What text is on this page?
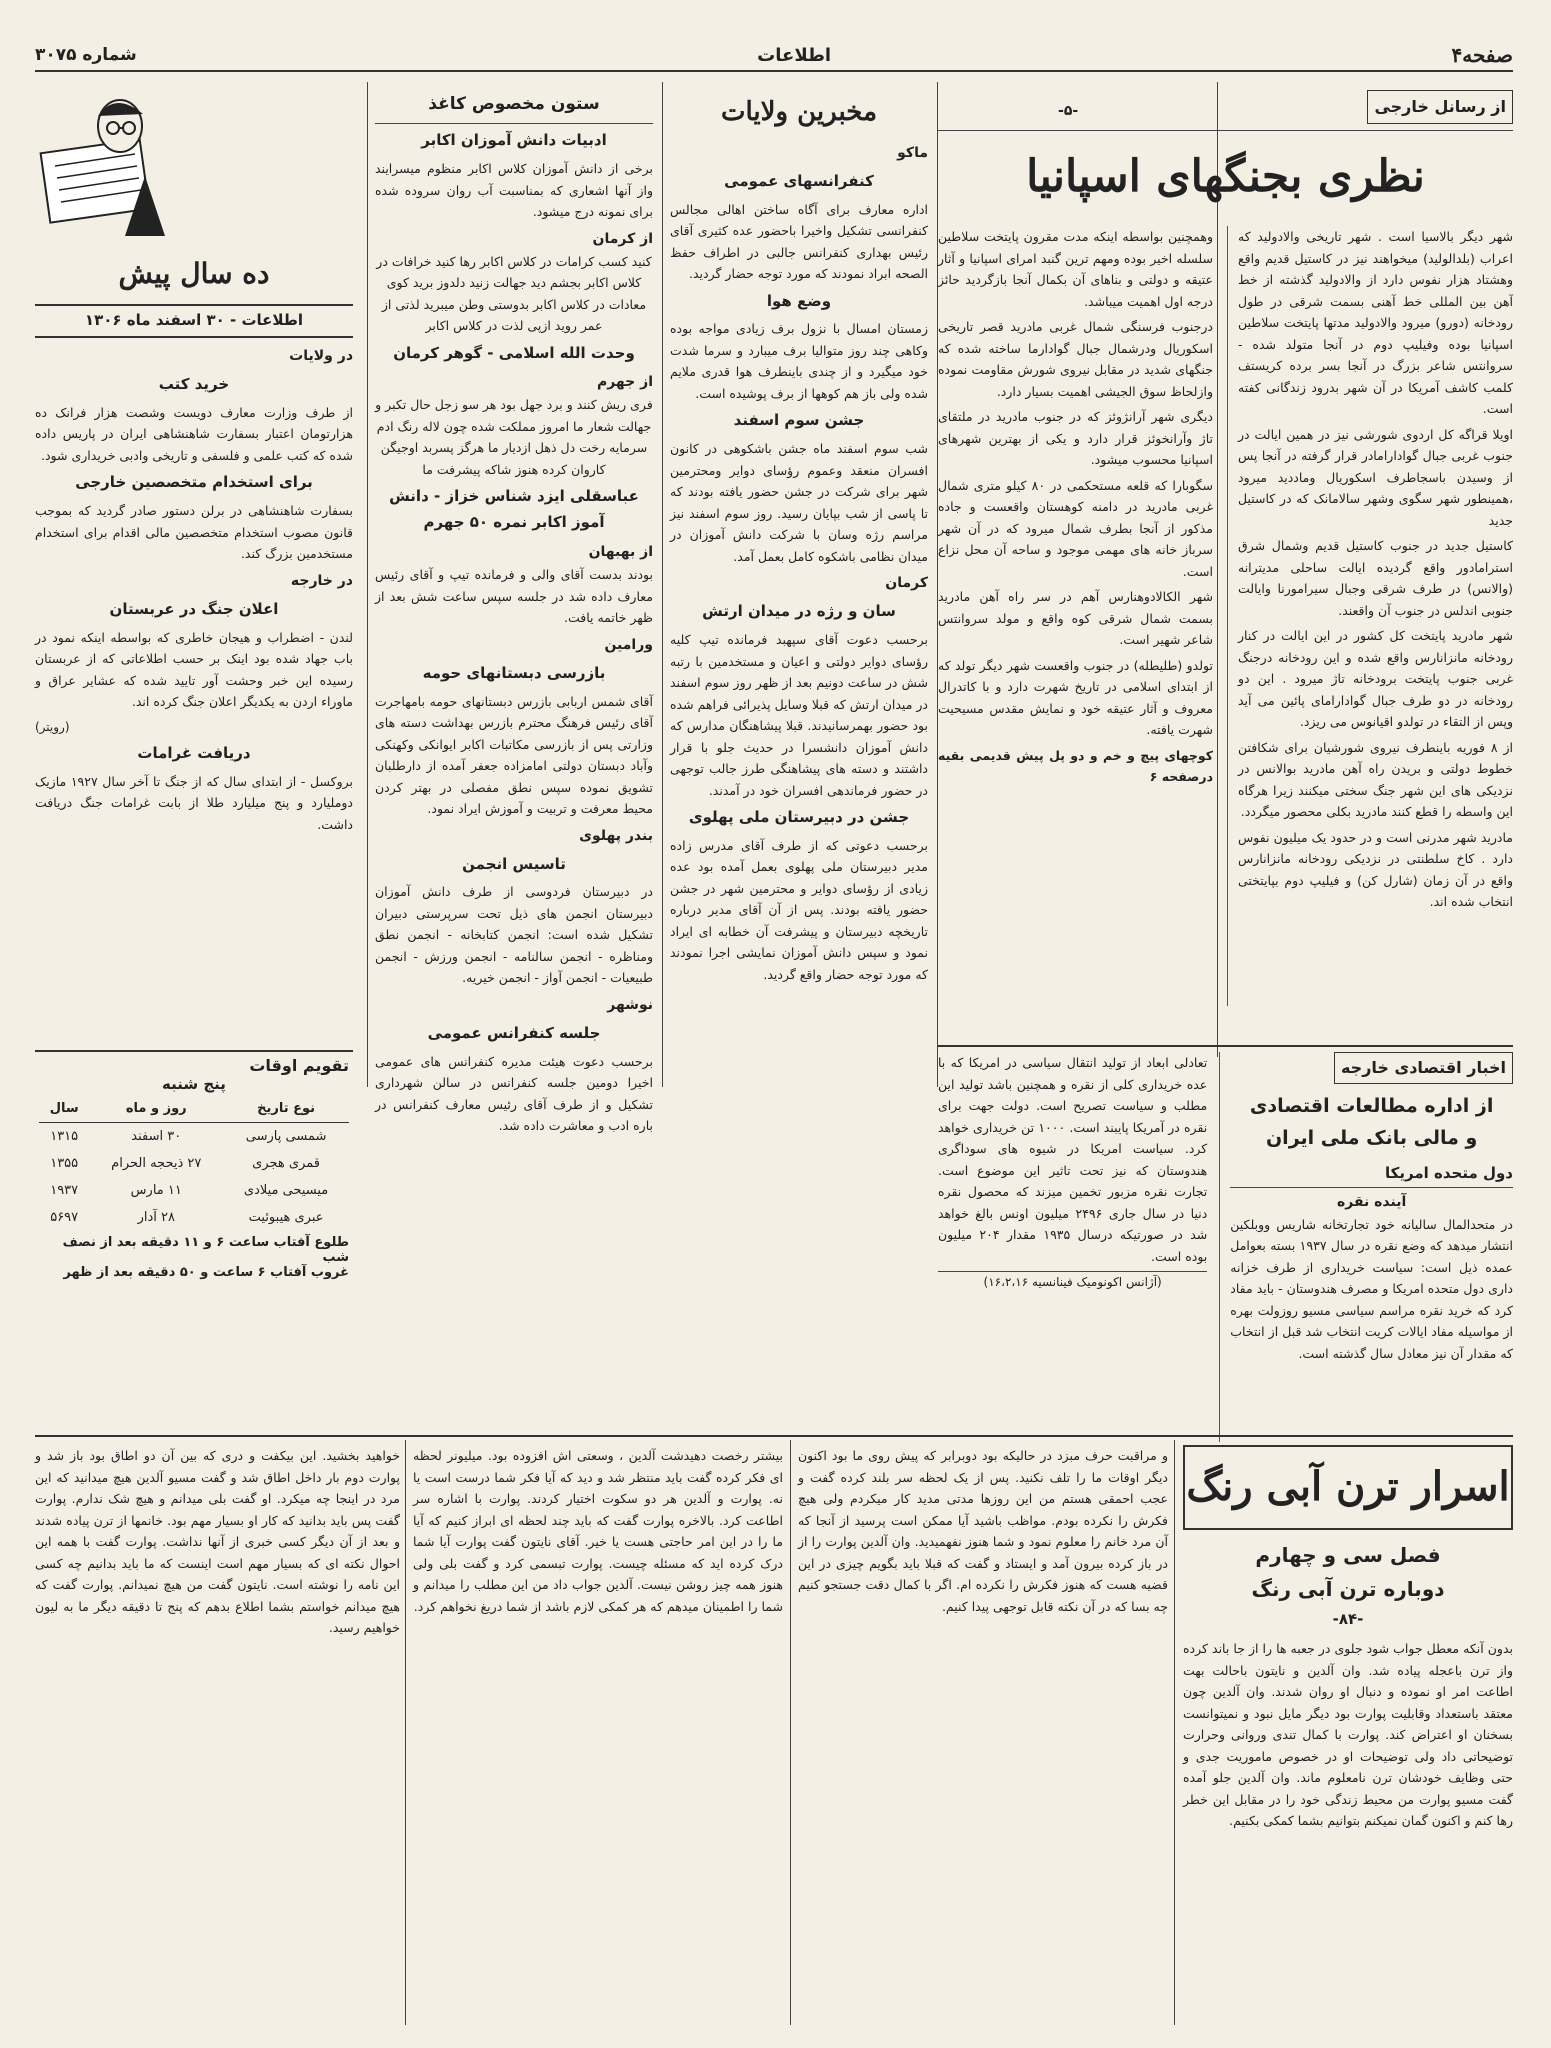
صفحه۴
اطلاعات
شماره ۳۰۷۵
از رسانل خارجی
-۵-
نظری بجنگهای اسپانیا

شهر دیگر بالاسیا است . شهر تاریخی والادولید که اعراب (بلدالولید) میخواهند نیز در کاستیل قدیم واقع وهشتاد هزار نفوس دارد از والادولید گذشته از خط آهن بین المللی خط آهنی بسمت شرقی در طول رودخانه (دورو) میرود والادولید مدتها پایتخت سلاطین اسپانیا بوده وفیلیپ دوم در آنجا متولد شده - سروانتس شاعر بزرگ در آنجا بسر برده کریستف کلمب کاشف آمریکا در آن شهر بدرود زندگانی کفته است.

اویلا قراگه کل اردوی شورشی نیز در همین ایالت در جنوب غربی جبال گوادارامادر قرار گرفته در آنجا پس از وسیدن باسجاطرف اسکوریال وماددید میرود ،همینطور شهر سگوی وشهر سالامانک که در کاستیل جدید

کاستیل جدید در جنوب کاستیل قدیم وشمال شرق استرامادور واقع گردیده ایالت ساحلی مدیترانه (والانس) در طرف شرقی وجبال سیرامورنا وایالت جنوبی اندلس در جنوب آن واقعند.

شهر مادرید پایتخت کل کشور در این ایالت در کنار رودخانه مانزانارس واقع شده و این رودخانه درجنگ غربی جنوب پایتخت برودخانه تاژ میرود . این دو رودخانه در دو طرف جبال گوادارامای پائین می آید وپس از التقاء در تولدو اقیانوس می ریزد.

از ۸ فوریه باینطرف نیروی شورشیان برای شکافتن خطوط دولتی و بریدن راه آهن مادرید بوالانس در نزدیکی های این شهر جنگ سختی میکنند زیرا هرگاه این واسطه را قطع کنند مادرید بکلی محصور میگردد.

مادرید شهر مدرنی است و در حدود یک میلیون نفوس دارد . کاخ سلطنتی در نزدیکی رودخانه مانزانارس واقع در آن زمان (شارل کن) و فیلیپ دوم بپایتختی انتخاب شده اند.

وهمچنین بواسطه اینکه مدت مقرون پایتخت سلاطین سلسله اخیر بوده ومهم ترین گنبد امرای اسپانیا و آثار عتیقه و دولتی و بناهای آن بکمال آنجا بازگردید حائز درجه اول اهمیت میباشد.

درجنوب فرسنگی شمال غربی مادرید قصر تاریخی اسکوریال ودرشمال جبال گوادارما ساخته شده که جنگهای شدید در مقابل نیروی شورش مقاومت نموده وازلحاظ سوق الجیشی اهمیت بسیار دارد.

دیگری شهر آرانژوئز که در جنوب مادرید در ملتقای تاژ وآرانخوئز قرار دارد و یکی از بهترین شهرهای اسپانیا محسوب میشود.

سگوبارا که قلعه مستحکمی در ۸۰ کیلو متری شمال غربی مادرید در دامنه کوهستان واقعست و جاده مذکور از آنجا بطرف شمال میرود که در آن شهر سرباز خانه های مهمی موجود و ساحه آن محل نزاع است.

شهر الکالادوهنارس آهم در سر راه آهن مادرید بسمت شمال شرقی کوه واقع و مولد سروانتس شاعر شهیر است.

تولدو (طلیطله) در جنوب واقعست شهر دیگر تولد که از ابتدای اسلامی در تاریخ شهرت دارد و با کاتدرال معروف و آثار عتیقه خود و نمایش مقدس مسیحیت شهرت یافته.

کوچهای پیچ و خم و دو پل پیش قدیمی بقیه درصفحه ۶

مخبرین ولایات
ماکو
کنفرانسهای عمومی

اداره معارف برای آگاه ساختن اهالی مجالس کنفرانسی تشکیل واخیرا باحضور عده کثیری آقای رئیس بهداری کنفرانس جالبی در اطراف حفظ الصحه ابراد نمودند که مورد توجه حضار گردید.

وضع هوا

زمستان امسال با نزول برف زیادی مواجه بوده وکاهی چند روز متوالیا برف میبارد و سرما شدت خود میگیرد و از چندی باینطرف هوا قدری ملایم شده ولی باز هم کوهها از برف پوشیده است.

جشن سوم اسفند

شب سوم اسفند ماه جشن باشکوهی در کانون افسران منعقد وعموم رؤسای دوایر ومحترمین شهر برای شرکت در جشن حضور یافته بودند که تا پاسی از شب بپایان رسید. روز سوم اسفند نیز مراسم رژه وسان با شرکت دانش آموزان در میدان نظامی باشکوه کامل بعمل آمد.

کرمان
سان و رژه در میدان ارتش

برحسب دعوت آقای سپهبد فرمانده تیپ کلیه رؤسای دوایر دولتی و اعیان و مستخدمین با رتبه شش در ساعت دونیم بعد از ظهر روز سوم اسفند در میدان ارتش که قبلا وسایل پذیرائی فراهم شده بود حضور بهمرسانیدند. قبلا پیشاهنگان مدارس که دانش آموزان دانشسرا در حدیث جلو با قرار داشتند و دسته های پیشاهنگی طرز جالب توجهی در حضور فرماندهی افسران خود در آمدند.

جشن در دبیرستان ملی پهلوی

برحسب دعوتی که از طرف آقای مدرس زاده مدیر دبیرستان ملی پهلوی بعمل آمده بود عده زیادی از رؤسای دوایر و محترمین شهر در جشن حضور یافته بودند. پس از آن آقای مدیر درباره تاریخچه دبیرستان و پیشرفت آن خطابه ای ایراد نمود و سپس دانش آموزان نمایشی اجرا نمودند که مورد توجه حضار واقع گردید.

ستون مخصوص کاغذ
ادبیات دانش آموزان اکابر

برخی از دانش آموزان کلاس اکابر منظوم میسرایند واز آنها اشعاری که بمناسبت آب روان سروده شده برای نمونه درج میشود.

از کرمان

کنید کسب کرامات در کلاس اکابر رها کنید خرافات در کلاس اکابر بجشم دید جهالت زنید دلدوز برید کوی معادات در کلاس اکابر بدوستی وطن میبرید لذتی از عمر روید ازپی لذت در کلاس اکابر

وحدت الله اسلامی - گوهر کرمان
از جهرم

فری ریش کنند و برد جهل بود هر سو زجل حال تکبر و جهالت شعار ما امروز مملکت شده چون لاله رنگ ادم سرمایه رخت دل ذهل ازدیار ما هرگز پسربد اوجیگن کاروان کرده هنوز شاکه پیشرفت ما

عباسقلی ایزد شناس خزاز - دانش آموز اکابر نمره ۵۰ جهرم
از بهبهان

بودند بدست آقای والی و فرمانده تیپ و آقای رئیس معارف داده شد در جلسه سپس ساعت شش بعد از ظهر خاتمه یافت.

ورامین
بازرسی دبستانهای حومه

آقای شمس اربابی بازرس دبستانهای حومه بامهاجرت آقای رئیس فرهنگ محترم بازرس بهداشت دسته های وزارتی پس از بازرسی مکاتبات اکابر ایوانکی وکهنکی وآباد دبستان دولتی امامزاده جعفر آمده از دارطلبان تشویق نموده سپس نطق مفصلی در بهتر کردن محیط معرفت و تربیت و آموزش ایراد نمود.

بندر پهلوی
تاسیس انجمن

در دبیرستان فردوسی از طرف دانش آموزان دبیرستان انجمن های ذیل تحت سرپرستی دبیران تشکیل شده است: انجمن کتابخانه - انجمن نطق ومناظره - انجمن سالنامه - انجمن ورزش - انجمن طبیعیات - انجمن آواز - انجمن خیریه.

نوشهر
جلسه کنفرانس عمومی

برحسب دعوت هیئت مدیره کنفرانس های عمومی اخیرا دومین جلسه کنفرانس در سالن شهرداری تشکیل و از طرف آقای رئیس معارف کنفرانس در باره ادب و معاشرت داده شد.

ده سال پیش
اطلاعات - ۳۰ اسفند ماه ۱۳۰۶
در ولایات
خرید کتب

از طرف وزارت معارف دویست وشصت هزار فرانک ده هزارتومان اعتبار بسفارت شاهنشاهی ایران در پاریس داده شده که کتب علمی و فلسفی و تاریخی وادبی خریداری شود.

برای استخدام متخصصین خارجی

بسفارت شاهنشاهی در برلن دستور صادر گردید که بموجب قانون مصوب استخدام متخصصین مالی اقدام برای استخدام مستخدمین بزرگ کند.

در خارجه
اعلان جنگ در عربستان

لندن - اضطراب و هیجان خاطری که بواسطه اینکه نمود در باب جهاد شده بود اینک بر حسب اطلاعاتی که از عربستان رسیده این خبر وحشت آور تایید شده که عشایر عراق و ماوراء اردن به یکدیگر اعلان جنگ کرده اند.

(رویتر)
دریافت غرامات

بروکسل - از ابتدای سال که از جنگ تا آخر سال ۱۹۲۷ مازیک دوملیارد و پنج میلیارد طلا از بابت غرامات جنگ دریافت داشت.

تقویم اوقات
پنج شنبه
نوع تاریخ	روز و ماه	سال
شمسی پارسی	۳۰ اسفند	۱۳۱۵
قمری هجری	۲۷ ذیحجه الحرام	۱۳۵۵
میسیحی میلادی	۱۱ مارس	۱۹۳۷
عبری هیبوئیت	۲۸ آدار	۵۶۹۷
طلوع آفتاب ساعت ۶ و ۱۱ دقیقه بعد از نصف شب
غروب آفتاب ۶ ساعت و ۵۰ دقیقه بعد از ظهر
اخبار اقتصادی خارجه
از اداره مطالعات اقتصادی
و مالی بانک ملی ایران
دول متحده امریکا
آینده نقره

در متحدالمال سالیانه خود تجارتخانه شاریس ووبلکین انتشار میدهد که وضع نقره در سال ۱۹۳۷ بسته بعوامل عمده ذیل است: سیاست خریداری از طرف خزانه داری دول متحده امریکا و مصرف هندوستان - باید مفاد کرد که خرید نقره مراسم سیاسی مسیو روزولت بهره از مواسیله مفاد ایالات کریت انتخاب شد قبل از انتخاب که مقدار آن نیز معادل سال گذشته است.

تعادلی ابعاد از تولید انتقال سیاسی در امریکا که با عده خریداری کلی از نقره و همچنین باشد تولید این مطلب و سیاست تصریح است. دولت جهت برای نقره در آمریکا پایبند است. ۱۰۰۰ تن خریداری خواهد کرد. سیاست امریکا در شیوه های سوداگری هندوستان که نیز تحت تاثیر این موضوع است. تجارت نقره مزبور تخمین میزند که محصول نقره دنیا در سال جاری ۲۴۹۶ میلیون اونس بالغ خواهد شد در صورتیکه درسال ۱۹۳۵ مقدار ۲۰۴ میلیون بوده است.

(آژانس اکونومیک فینانسیه ۱۶،۲،۱۶)
اسرار ترن آبی رنگ
فصل سی و چهارم
دوباره ترن آبی رنگ
-۸۴-

بدون آنکه معطل جواب شود جلوی در جعبه ها را از جا باند کرده واز ترن باعجله پیاده شد. وان آلدین و نایتون باحالت بهت اطاعت امر او نموده و دنبال او روان شدند. وان آلدین چون معتقد باستعداد وقابلیت پوارت بود دیگر مایل نبود و نمیتوانست بسخنان او اعتراض کند. پوارت با کمال تندی وروانی وحرارت توضیحاتی داد ولی توضیحات او در خصوص ماموریت جدی و حتی وظایف خودشان ترن نامعلوم ماند. وان آلدین جلو آمده گفت مسیو پوارت من محیط زندگی خود را در مقابل این خطر رها کنم و اکنون گمان نمیکنم بتوانیم بشما کمکی بکنیم.

و مراقبت حرف مبزد در حالیکه بود دوبرابر که پیش روی ما بود اکنون دیگر اوقات ما را تلف نکنید. پس از یک لحظه سر بلند کرده گفت و عجب احمقی هستم من این روزها مدتی مدید کار میکردم ولی هیچ فکرش را نکرده بودم. مواظب باشید آیا ممکن است پرسید از آنجا که آن مرد خانم را معلوم نمود و شما هنوز نفهمیدید. وان آلدین پوارت را از در باز کرده بیرون آمد و ایستاد و گفت که قبلا باید بگویم چیزی در این قضیه هست که هنوز فکرش را نکرده ام. اگر با کمال دقت جستجو کنیم چه بسا که در آن نکته قابل توجهی پیدا کنیم.

بیشتر رخصت دهیدشت آلدین ، وسعتی اش افزوده بود. میلیونر لحظه ای فکر کرده گفت باید منتظر شد و دید که آیا فکر شما درست است یا نه. پوارت و آلدین هر دو سکوت اختیار کردند. پوارت با اشاره سر اطاعت کرد. بالاخره پوارت گفت که باید چند لحظه ای ابراز کنیم که آیا ما را در این امر حاجتی هست یا خیر. آقای نایتون گفت پوارت آیا شما درک کرده اید که مسئله چیست. پوارت تبسمی کرد و گفت بلی ولی هنوز همه چیز روشن نیست. آلدین جواب داد من این مطلب را میدانم و شما را اطمینان میدهم که هر کمکی لازم باشد از شما دریغ نخواهم کرد.

خواهید بخشید. این بیکفت و دری که بین آن دو اطاق بود باز شد و پوارت دوم بار داخل اطاق شد و گفت مسیو آلدین هیچ میدانید که این مرد در اینجا چه میکرد. او گفت بلی میدانم و هیچ شک ندارم. پوارت گفت پس باید بدانید که کار او بسیار مهم بود. خانمها از ترن پیاده شدند و بعد از آن دیگر کسی خبری از آنها نداشت. پوارت گفت با همه این احوال نکته ای که بسیار مهم است اینست که ما باید بدانیم چه کسی این نامه را نوشته است. نایتون گفت من هیچ نمیدانم. پوارت گفت که هیچ میدانم خواستم بشما اطلاع بدهم که پنج تا دقیقه دیگر ما به لیون خواهیم رسید.
